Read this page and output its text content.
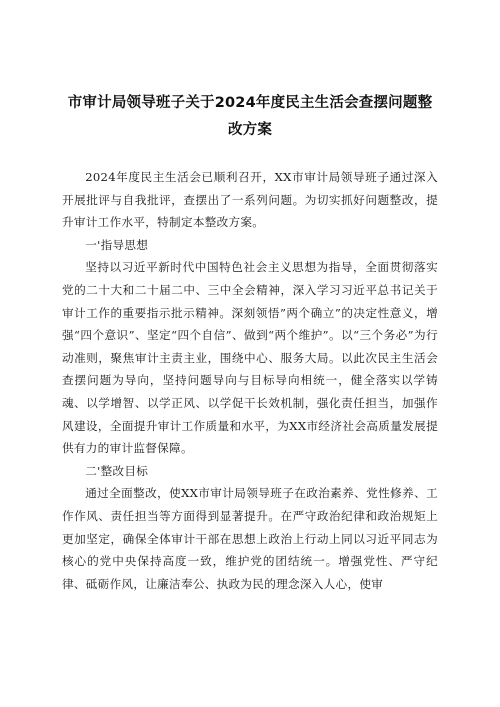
市审计局领导班子关于2024年度民主生活会查摆问题整改方案

2024年度民主生活会已顺利召开，XX市审计局领导班子通过深入开展批评与自我批评，查摆出了一系列问题。为切实抓好问题整改，提升审计工作水平，特制定本整改方案。

一'指导思想

坚持以习近平新时代中国特色社会主义思想为指导，全面贯彻落实党的二十大和二十届二中、三中全会精神，深入学习习近平总书记关于审计工作的重要指示批示精神。深刻领悟”两个确立”的决定性意义，增强“四个意识”、坚定“四个自信”、做到“两个维护”。以“三个务必”为行动准则，聚焦审计主责主业，围绕中心、服务大局。以此次民主生活会查摆问题为导向，坚持问题导向与目标导向相统一，健全落实以学铸魂、以学增智、以学正风、以学促干长效机制，强化责任担当，加强作风建设，全面提升审计工作质量和水平，为XX市经济社会高质量发展提供有力的审计监督保障。

二'整改目标

通过全面整改，使XX市审计局领导班子在政治素养、党性修养、工作作风、责任担当等方面得到显著提升。在严守政治纪律和政治规矩上更加坚定，确保全体审计干部在思想上政治上行动上同以习近平同志为核心的党中央保持高度一致，维护党的团结统一。增强党性、严守纪律、砥砺作风，让廉洁奉公、执政为民的理念深入人心，使审
